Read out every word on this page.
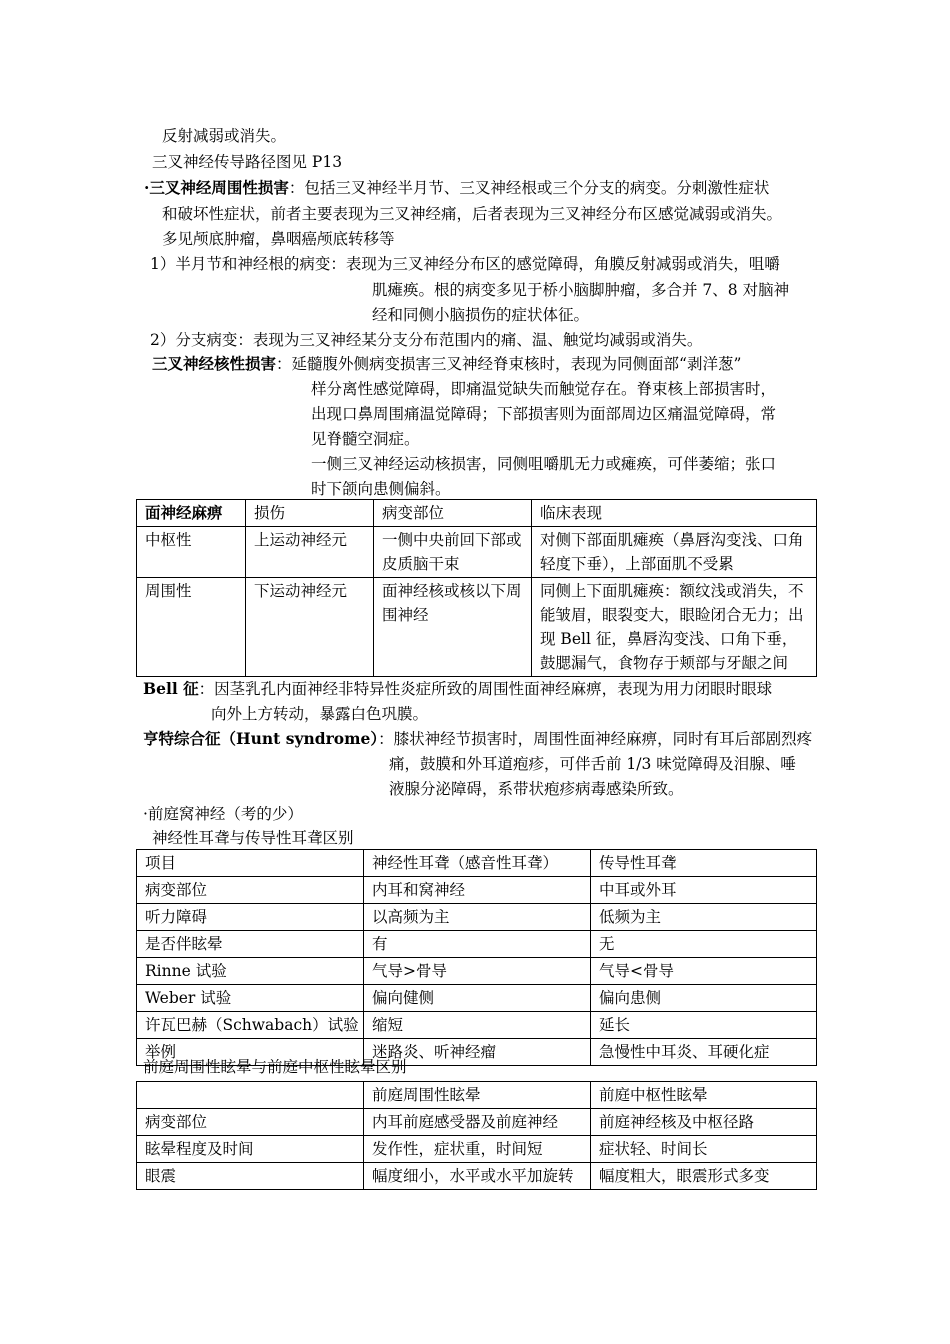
反射减弱或消失。
三叉神经传导路径图见 P13
·三叉神经周围性损害：包括三叉神经半月节、三叉神经根或三个分支的病变。分刺激性症状
和破坏性症状，前者主要表现为三叉神经痛，后者表现为三叉神经分布区感觉减弱或消失。
多见颅底肿瘤，鼻咽癌颅底转移等
1）半月节和神经根的病变：表现为三叉神经分布区的感觉障碍，角膜反射减弱或消失，咀嚼
肌瘫痪。根的病变多见于桥小脑脚肿瘤，多合并 7、8 对脑神
经和同侧小脑损伤的症状体征。
2）分支病变：表现为三叉神经某分支分布范围内的痛、温、触觉均减弱或消失。
三叉神经核性损害：延髓腹外侧病变损害三叉神经脊束核时，表现为同侧面部“剥洋葱”
样分离性感觉障碍，即痛温觉缺失而触觉存在。脊束核上部损害时，
出现口鼻周围痛温觉障碍；下部损害则为面部周边区痛温觉障碍，常
见脊髓空洞症。
一侧三叉神经运动核损害，同侧咀嚼肌无力或瘫痪，可伴萎缩；张口
时下颌向患侧偏斜。
面神经麻痹	损伤	病变部位	临床表现
中枢性	上运动神经元	一侧中央前回下部或皮质脑干束	对侧下部面肌瘫痪（鼻唇沟变浅、口角轻度下垂），上部面肌不受累
周围性	下运动神经元	面神经核或核以下周围神经	同侧上下面肌瘫痪：额纹浅或消失，不能皱眉，眼裂变大，眼睑闭合无力；出现 Bell 征，鼻唇沟变浅、口角下垂，鼓腮漏气，食物存于颊部与牙龈之间
Bell 征：因茎乳孔内面神经非特异性炎症所致的周围性面神经麻痹，表现为用力闭眼时眼球
向外上方转动，暴露白色巩膜。
亨特综合征（Hunt syndrome）：膝状神经节损害时，周围性面神经麻痹，同时有耳后部剧烈疼
痛，鼓膜和外耳道疱疹，可伴舌前 1/3 味觉障碍及泪腺、唾
液腺分泌障碍，系带状疱疹病毒感染所致。
·前庭窝神经（考的少）
神经性耳聋与传导性耳聋区别
项目	神经性耳聋（感音性耳聋）	传导性耳聋
病变部位	内耳和窝神经	中耳或外耳
听力障碍	以高频为主	低频为主
是否伴眩晕	有	无
Rinne 试验	气导>骨导	气导<骨导
Weber 试验	偏向健侧	偏向患侧
许瓦巴赫（Schwabach）试验	缩短	延长
举例	迷路炎、听神经瘤	急慢性中耳炎、耳硬化症
前庭周围性眩晕与前庭中枢性眩晕区别
	前庭周围性眩晕	前庭中枢性眩晕
病变部位	内耳前庭感受器及前庭神经	前庭神经核及中枢径路
眩晕程度及时间	发作性，症状重，时间短	症状轻、时间长
眼震	幅度细小，水平或水平加旋转	幅度粗大，眼震形式多变
